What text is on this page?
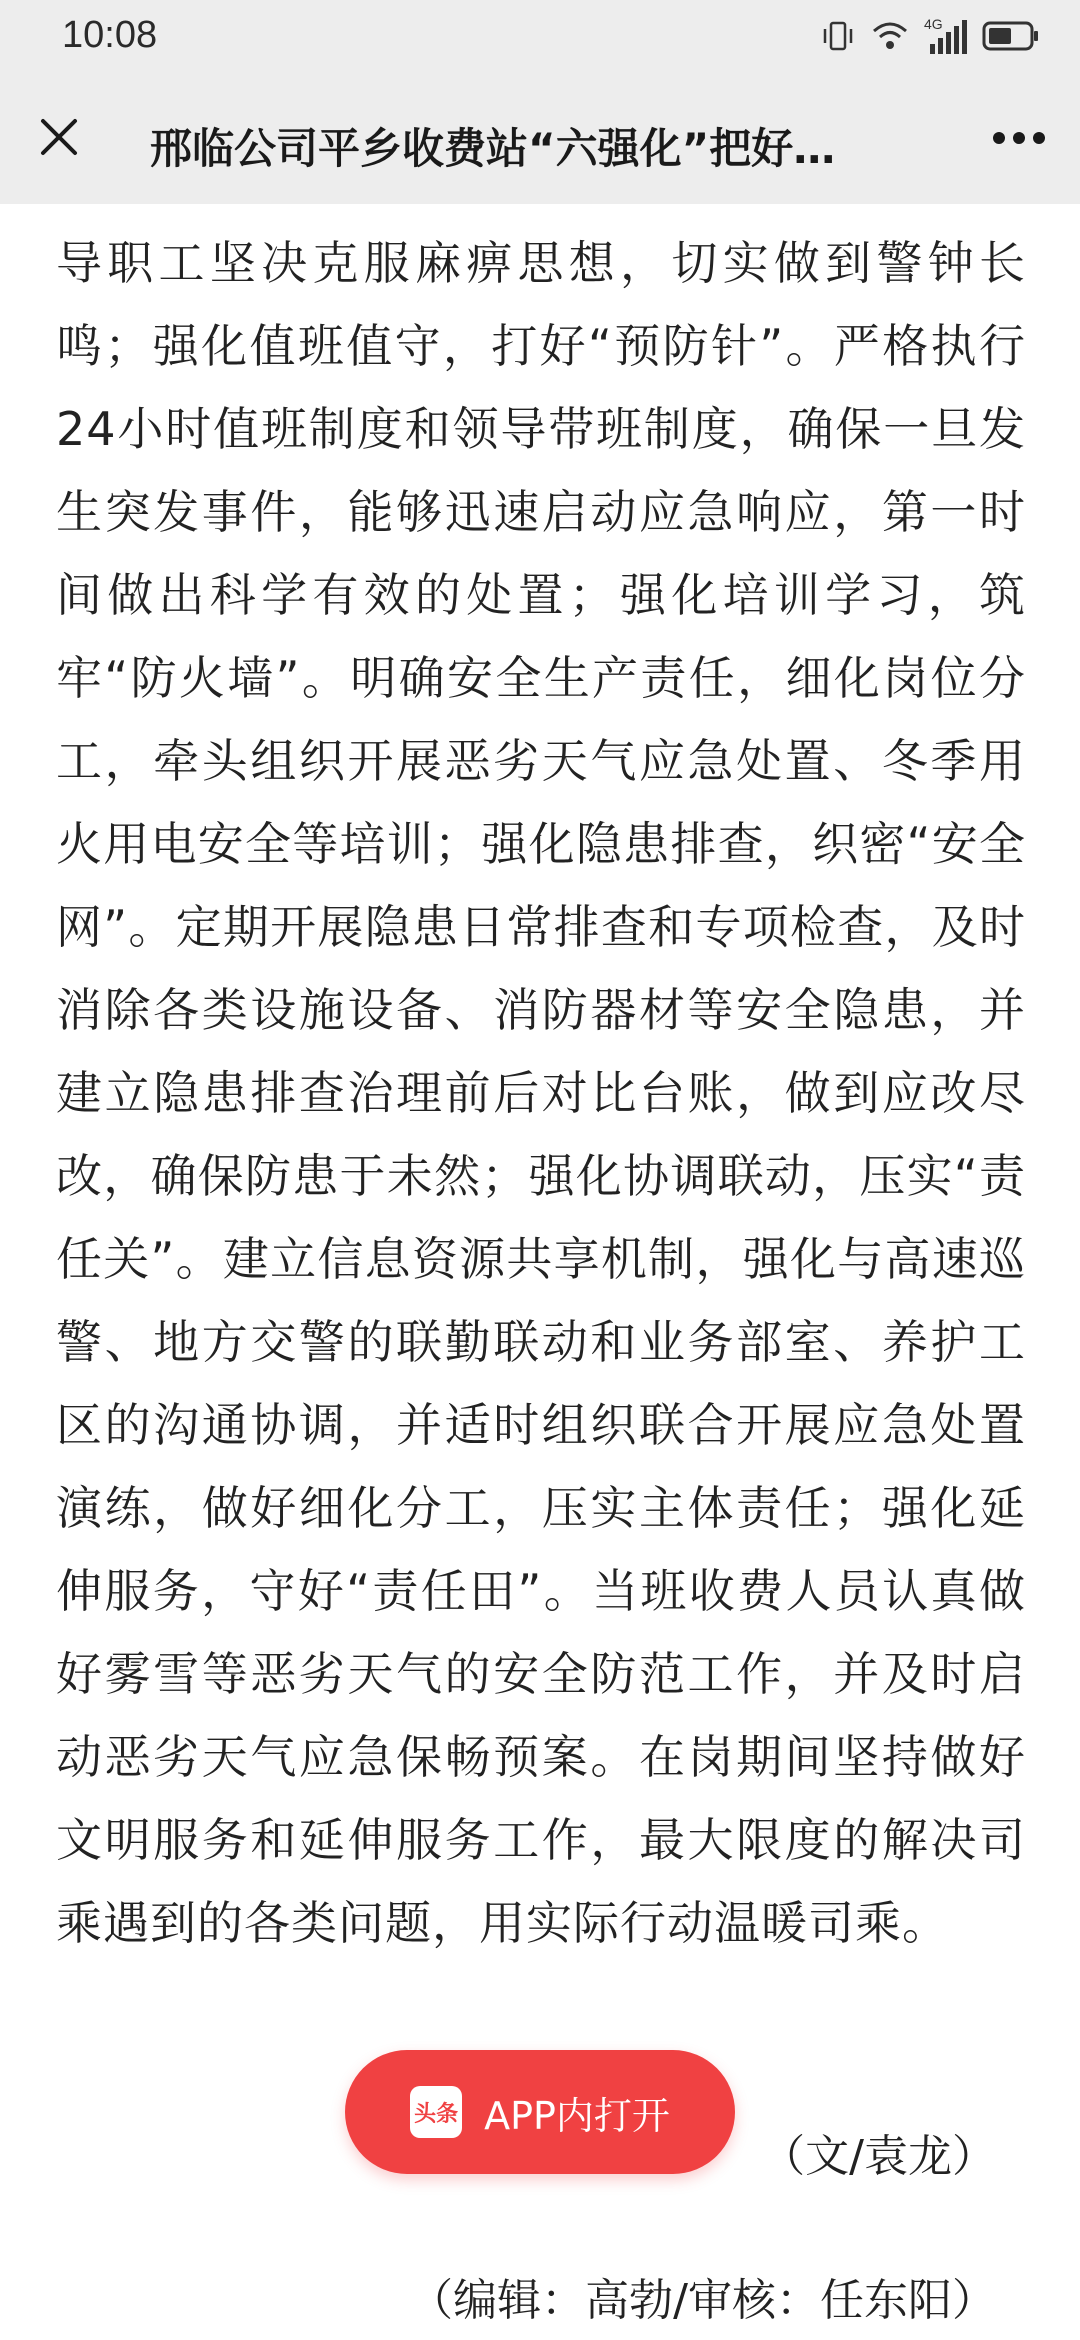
10:08	4G
邢临公司平乡收费站“六强化”把好…
导职工坚决克服麻痹思想，切实做到警钟长鸣；强化值班值守，打好“预防针”。严格执行24小时值班制度和领导带班制度，确保一旦发生突发事件，能够迅速启动应急响应，第一时间做出科学有效的处置；强化培训学习，筑牢“防火墙”。明确安全生产责任，细化岗位分工，牵头组织开展恶劣天气应急处置、冬季用火用电安全等培训；强化隐患排查，织密“安全网”。定期开展隐患日常排查和专项检查，及时消除各类设施设备、消防器材等安全隐患，并建立隐患排查治理前后对比台账，做到应改尽改，确保防患于未然；强化协调联动，压实“责任关”。建立信息资源共享机制，强化与高速巡警、地方交警的联勤联动和业务部室、养护工区的沟通协调，并适时组织联合开展应急处置演练，做好细化分工，压实主体责任；强化延伸服务，守好“责任田”。当班收费人员认真做好雾雪等恶劣天气的安全防范工作，并及时启动恶劣天气应急保畅预案。在岗期间坚持做好文明服务和延伸服务工作，最大限度的解决司乘遇到的各类问题，用实际行动温暖司乘。
头条 APP内打开
（文/袁龙）
（编辑：高勃/审核：任东阳）
